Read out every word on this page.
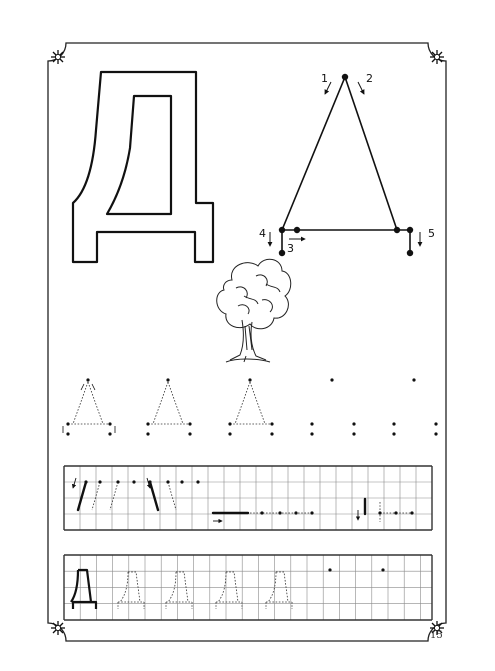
1	2
3
4	5
15
